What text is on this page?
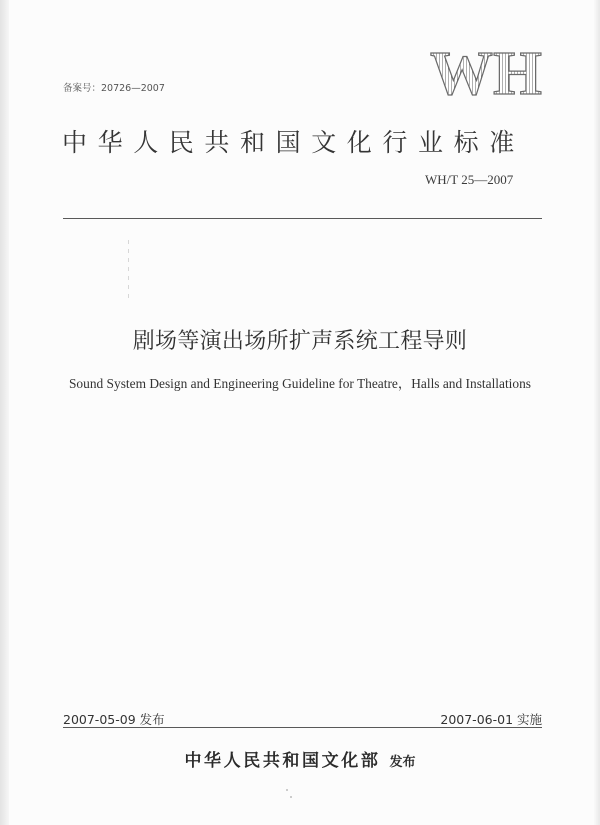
备案号：20726—2007	WH
中华人民共和国文化行业标准
WH/T 25—2007
剧场等演出场所扩声系统工程导则
Sound System Design and Engineering Guideline for Theatre，Halls and Installations
2007-05-09 发布	2007-06-01 实施
中华人民共和国文化部 发布
